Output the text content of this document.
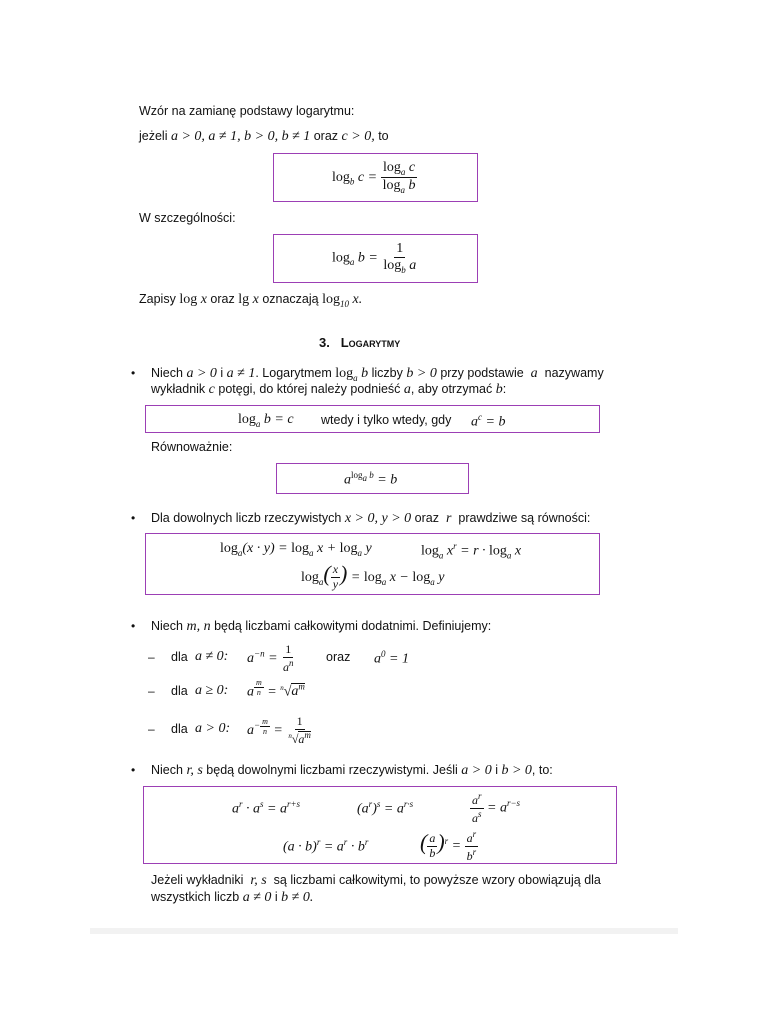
Wzór na zamianę podstawy logarytmu:
jeżeli a > 0, a ≠ 1, b > 0, b ≠ 1 oraz c > 0, to
$\log_b c = \frac{\log_a c}{\log_a b}$
W szczególności:
$\log_a b = \frac{1}{\log_b a}$
Zapisy log x oraz lg x oznaczają $\log_{10} x$.
3. Logarytmy
• Niech a > 0 i a ≠ 1. Logarytmem $\log_a b$ liczby b > 0 przy podstawie  a  nazywamy
wykładnik c potęgi, do której należy podnieść a, aby otrzymać b:
$\log_a b = c$ wtedy i tylko wtedy, gdy $a^c = b$
Równoważnie:
$a^{log_a b} = b$
• Dla dowolnych liczb rzeczywistych x > 0, y > 0 oraz  r  prawdziwe są równości:
$\log_a(x \cdot y) = \log_a x + \log_a y$	$\log_a x^r = r \cdot \log_a x$
$\log_a( \frac{x}{y}$ ) = $\log_a x - \log_a y$
• Niech m, n będą liczbami całkowitymi dodatnimi. Definiujemy:
– dla a ≠ 0: $a^{-n} = \frac{1}{a^n}$ oraz $a^0 = 1$
– dla a ≥ 0: a $^{\frac{m}{n}} = ^n√a^m$
– dla a > 0: $a^{- \frac{m}{n}} = \frac{1}{^n√a^m}$
• Niech r, s będą dowolnymi liczbami rzeczywistymi. Jeśli a > 0 i b > 0, to:
$a^r \cdot a^s = a^{r+s}$	$(a^r)^s = a^{r\cdot s}$	$\frac{a^r}{a^s} = a^{r-s}$
$(a \cdot b)^r = a^r \cdot b^r$ ( $\frac{a}{b} )^r = \frac{a^r}{b^r}$
Jeżeli wykładniki r, s są liczbami całkowitymi, to powyższe wzory obowiązują dla
wszystkich liczb a ≠ 0 i b ≠ 0.
